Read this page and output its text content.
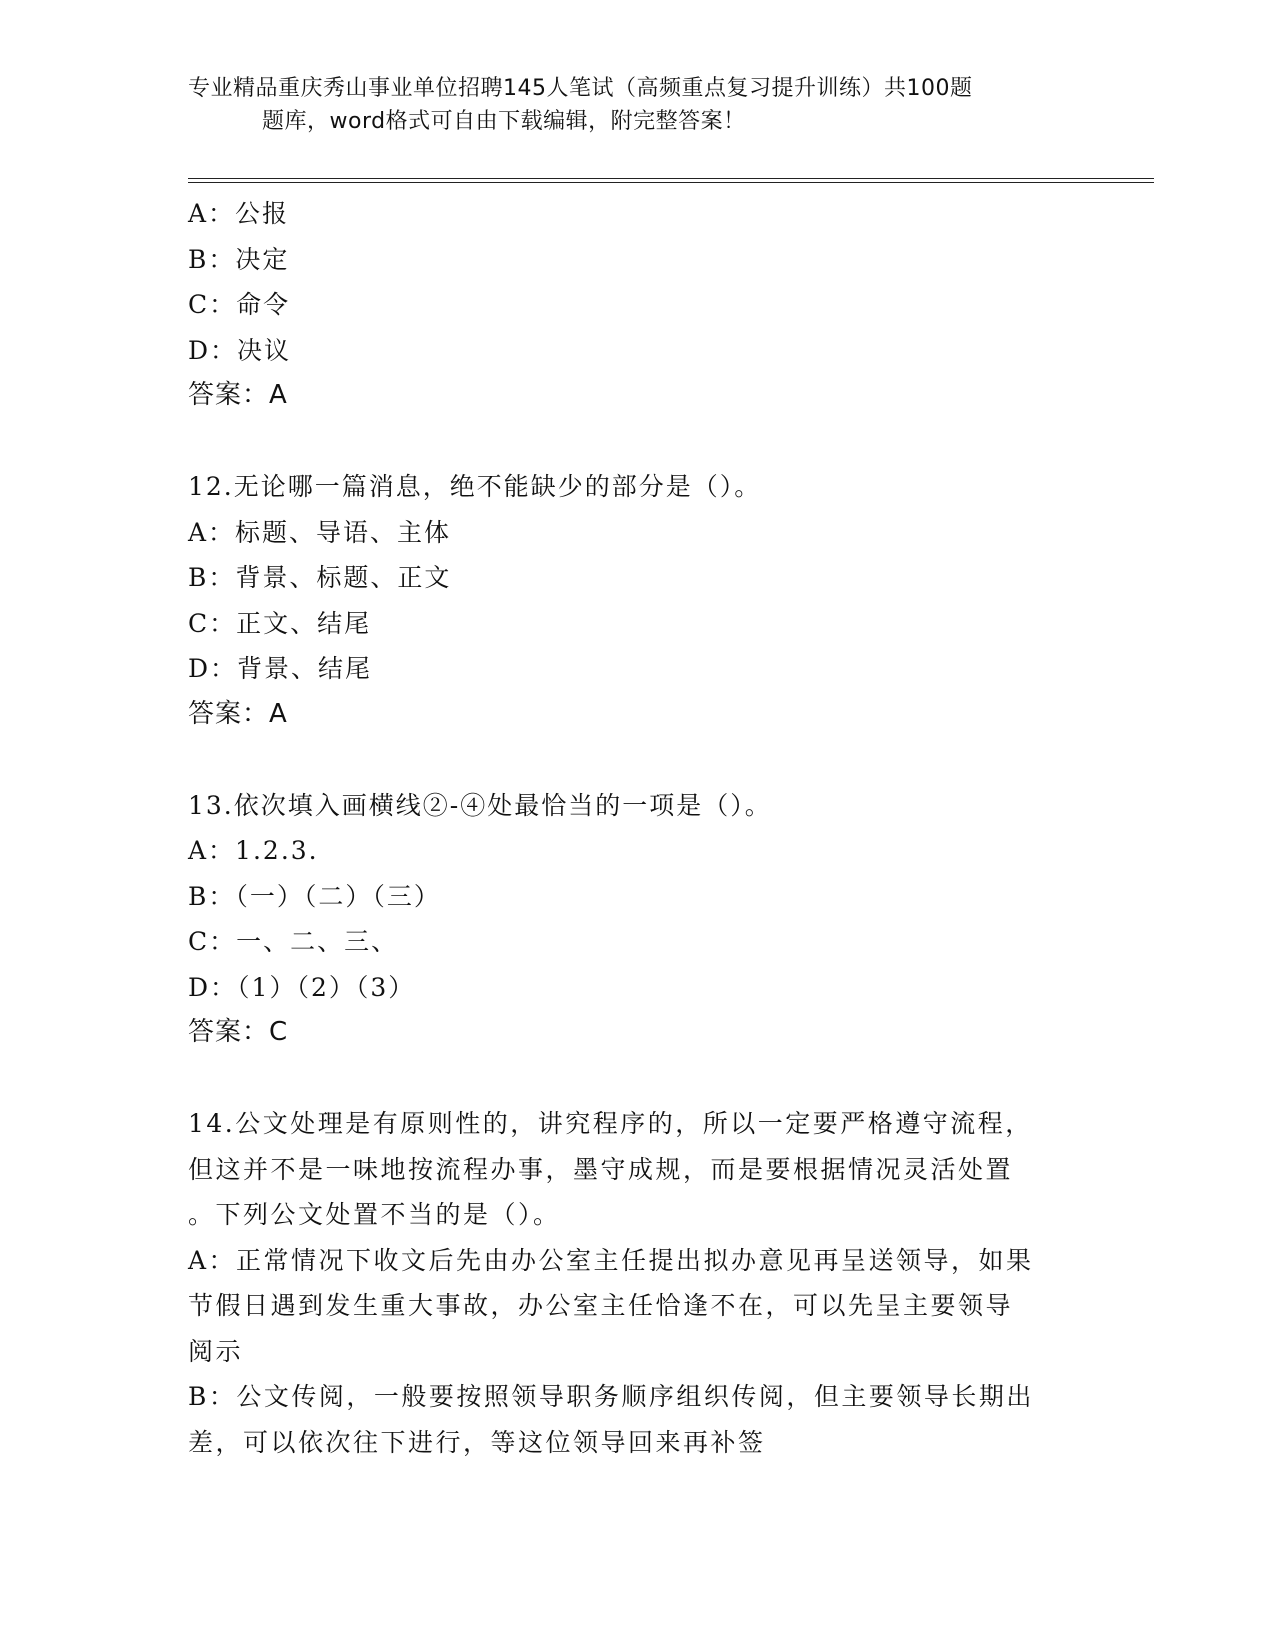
专业精品重庆秀山事业单位招聘145人笔试（高频重点复习提升训练）共100题
题库，word格式可自由下载编辑，附完整答案！
A：公报
B：决定
C：命令
D：决议
答案：A
12.无论哪一篇消息，绝不能缺少的部分是（）。
A：标题、导语、主体
B：背景、标题、正文
C：正文、结尾
D：背景、结尾
答案：A
13.依次填入画横线②-④处最恰当的一项是（）。
A：1.2.3.
B：（一）（二）（三）
C：一、二、三、
D：（1）（2）（3）
答案：C
14.公文处理是有原则性的，讲究程序的，所以一定要严格遵守流程，
但这并不是一味地按流程办事，墨守成规，而是要根据情况灵活处置
。下列公文处置不当的是（）。
A：正常情况下收文后先由办公室主任提出拟办意见再呈送领导，如果
节假日遇到发生重大事故，办公室主任恰逢不在，可以先呈主要领导
阅示
B：公文传阅，一般要按照领导职务顺序组织传阅，但主要领导长期出
差，可以依次往下进行，等这位领导回来再补签
